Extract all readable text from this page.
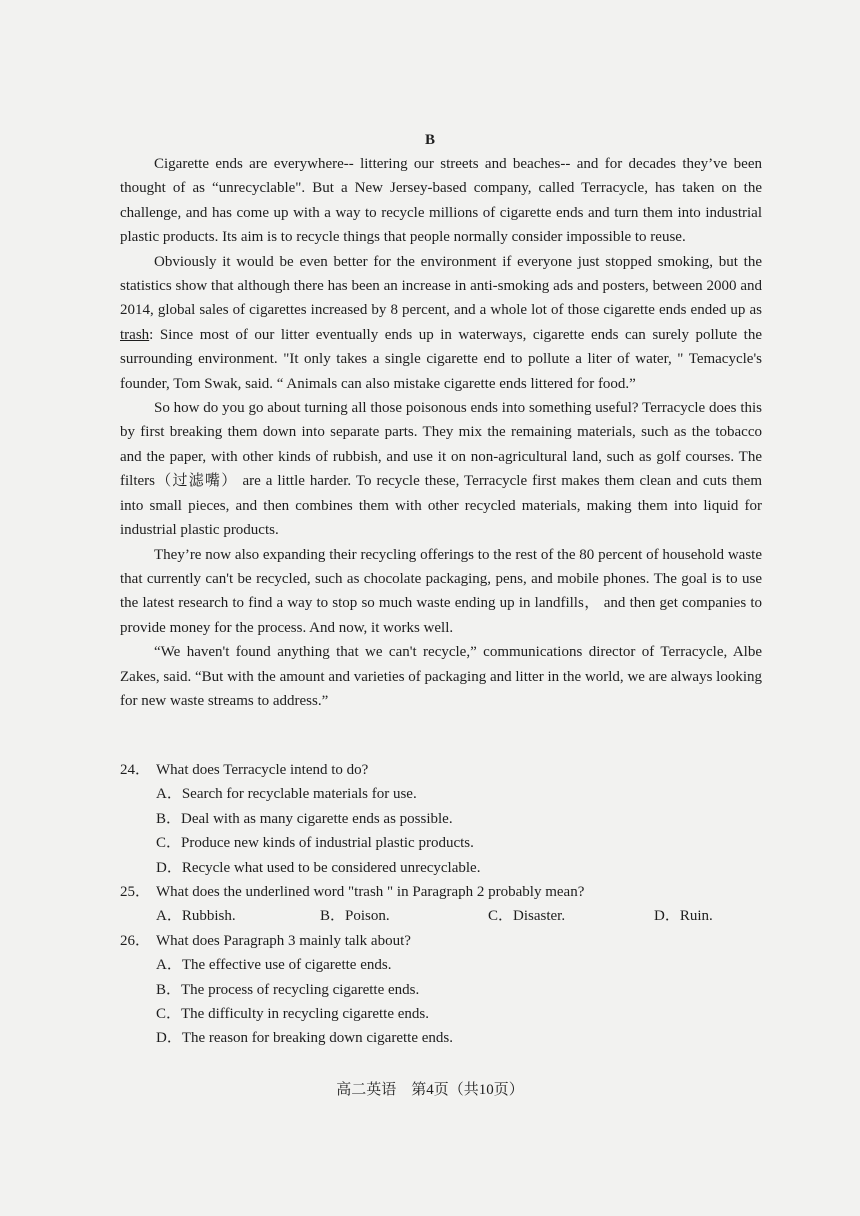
B

Cigarette ends are everywhere-- littering our streets and beaches-- and for decades they’ve been thought of as “unrecyclable". But a New Jersey-based company, called Terracycle, has taken on the challenge, and has come up with a way to recycle millions of cigarette ends and turn them into industrial plastic products. Its aim is to recycle things that people normally consider impossible to reuse.

Obviously it would be even better for the environment if everyone just stopped smoking, but the statistics show that although there has been an increase in anti-smoking ads and posters, between 2000 and 2014, global sales of cigarettes increased by 8 percent, and a whole lot of those cigarette ends ended up as trash: Since most of our litter eventually ends up in waterways, cigarette ends can surely pollute the surrounding environment. "It only takes a single cigarette end to pollute a liter of water, " Temacycle's founder, Tom Swak, said. “ Animals can also mistake cigarette ends littered for food.”

So how do you go about turning all those poisonous ends into something useful? Terracycle does this by first breaking them down into separate parts. They mix the remaining materials, such as the tobacco and the paper, with other kinds of rubbish, and use it on non-agricultural land, such as golf courses. The filters（过滤嘴） are a little harder. To recycle these, Terracycle first makes them clean and cuts them into small pieces, and then combines them with other recycled materials, making them into liquid for industrial plastic products.

They’re now also expanding their recycling offerings to the rest of the 80 percent of household waste that currently can't be recycled, such as chocolate packaging, pens, and mobile phones. The goal is to use the latest research to find a way to stop so much waste ending up in landfills， and then get companies to provide money for the process. And now, it works well.

“We haven't found anything that we can't recycle,” communications director of Terracycle, Albe Zakes, said. “But with the amount and varieties of packaging and litter in the world, we are always looking for new waste streams to address.”

24． What does Terracycle intend to do?
A．Search for recyclable materials for use.
B．Deal with as many cigarette ends as possible.
C．Produce new kinds of industrial plastic products.
D．Recycle what used to be considered unrecyclable.
25． What does the underlined word "trash " in Paragraph 2 probably mean?
A．Rubbish.	B．Poison.	C．Disaster.	D．Ruin.
26． What does Paragraph 3 mainly talk about?
A．The effective use of cigarette ends.
B．The process of recycling cigarette ends.
C．The difficulty in recycling cigarette ends.
D．The reason for breaking down cigarette ends.
高二英语　第4页（共10页）
